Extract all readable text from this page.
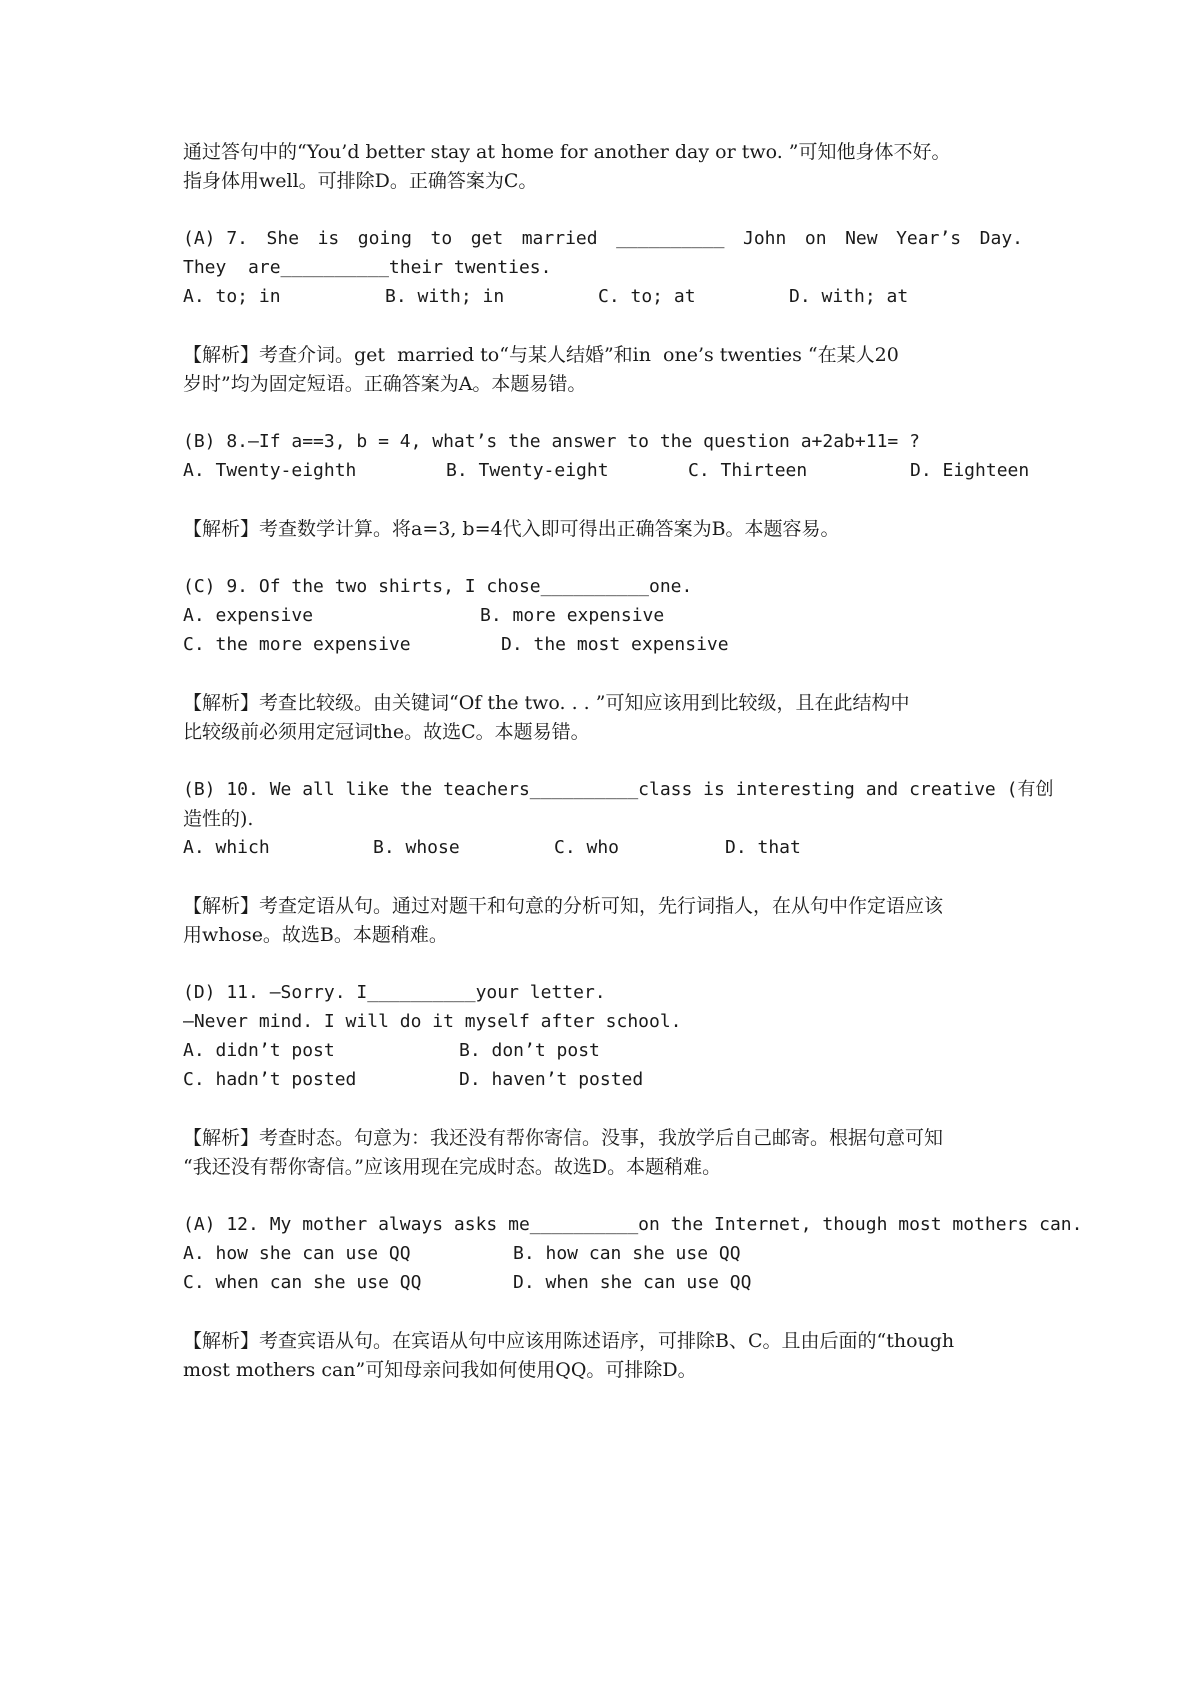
通过答句中的“You’d better stay at home for another day or two. ”可知他身体不好。
指身体用well。可排除D。正确答案为C。
(A) 7. She is going to get married __________ John on New Year’s Day.
They  are__________their twenties.
A. to; in	B. with; in	C. to; at	D. with; at
【解析】考查介词。get  married to“与某人结婚”和in  one’s twenties “在某人20
岁时”均为固定短语。正确答案为A。本题易错。
(B) 8.—If a==3, b = 4, what’s the answer to the question a+2ab+11= ?
A. Twenty-eighth	B. Twenty-eight	C. Thirteen	D. Eighteen
【解析】考查数学计算。将a=3, b=4代入即可得出正确答案为B。本题容易。
(C) 9. Of the two shirts, I chose__________one.
A. expensive	B. more expensive
C. the more expensive	D. the most expensive
【解析】考查比较级。由关键词“Of the two. . . ”可知应该用到比较级，且在此结构中
比较级前必须用定冠词the。故选C。本题易错。
(B) 10. We all like the teachers__________class is interesting and creative (有创
造性的).
A. which	B. whose	C. who	D. that
【解析】考查定语从句。通过对题干和句意的分析可知，先行词指人，在从句中作定语应该
用whose。故选B。本题稍难。
(D) 11. —Sorry. I__________your letter.
—Never mind. I will do it myself after school.
A. didn’t post	B. don’t post
C. hadn’t posted	D. haven’t posted
【解析】考查时态。句意为：我还没有帮你寄信。没事，我放学后自己邮寄。根据句意可知
“我还没有帮你寄信。”应该用现在完成时态。故选D。本题稍难。
(A) 12. My mother always asks me__________on the Internet, though most mothers can.
A. how she can use QQ	B. how can she use QQ
C. when can she use QQ	D. when she can use QQ
【解析】考查宾语从句。在宾语从句中应该用陈述语序，可排除B、C。且由后面的“though
most mothers can”可知母亲问我如何使用QQ。可排除D。
